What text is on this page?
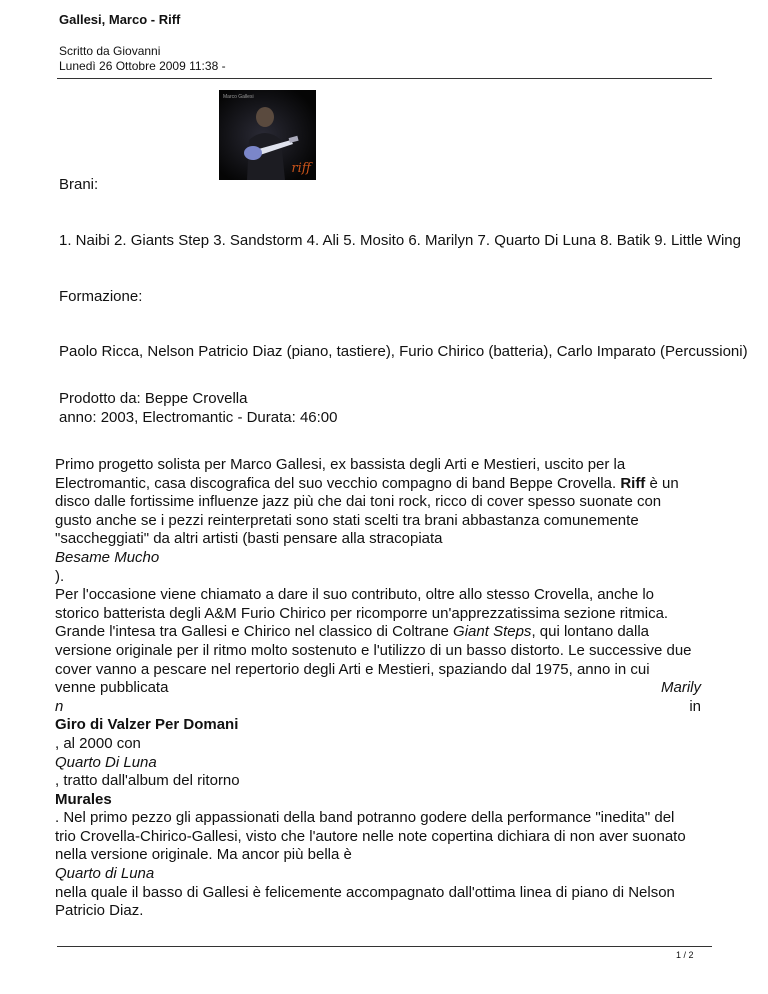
Gallesi, Marco - Riff
Scritto da Giovanni
Lunedì 26 Ottobre 2009 11:38 -
Marco Gallesi
riff
Brani:
1. Naibi 2. Giants Step 3. Sandstorm 4. Ali 5. Mosito 6. Marilyn 7. Quarto Di Luna 8. Batik 9. Little Wing
Formazione:
Paolo Ricca, Nelson Patricio Diaz (piano, tastiere), Furio Chirico (batteria), Carlo Imparato (Percussioni)
Prodotto da: Beppe Crovella
anno: 2003, Electromantic - Durata: 46:00
Primo progetto solista per Marco Gallesi, ex bassista degli Arti e Mestieri, uscito per la
Electromantic, casa discografica del suo vecchio compagno di band Beppe Crovella. Riff è un
disco dalle fortissime influenze jazz più che dai toni rock, ricco di cover spesso suonate con
gusto anche se i pezzi reinterpretati sono stati scelti tra brani abbastanza comunemente
"saccheggiati" da altri artisti (basti pensare alla stracopiata
Besame Mucho
).
Per l'occasione viene chiamato a dare il suo contributo, oltre allo stesso Crovella, anche lo
storico batterista degli A&M Furio Chirico per ricomporre un'apprezzatissima sezione ritmica.
Grande l'intesa tra Gallesi e Chirico nel classico di Coltrane Giant Steps, qui lontano dalla
versione originale per il ritmo molto sostenuto e l'utilizzo di un basso distorto. Le successive due
cover vanno a pescare nel repertorio degli Arti e Mestieri, spaziando dal 1975, anno in cui
venne pubblicata	Marily
n	in
Giro di Valzer Per Domani
, al 2000 con
Quarto Di Luna
, tratto dall'album del ritorno
Murales
. Nel primo pezzo gli appassionati della band potranno godere della performance "inedita" del
trio Crovella-Chirico-Gallesi, visto che l'autore nelle note copertina dichiara di non aver suonato
nella versione originale. Ma ancor più bella è
Quarto di Luna
nella quale il basso di Gallesi è felicemente accompagnato dall'ottima linea di piano di Nelson
Patricio Diaz.
1 / 2
